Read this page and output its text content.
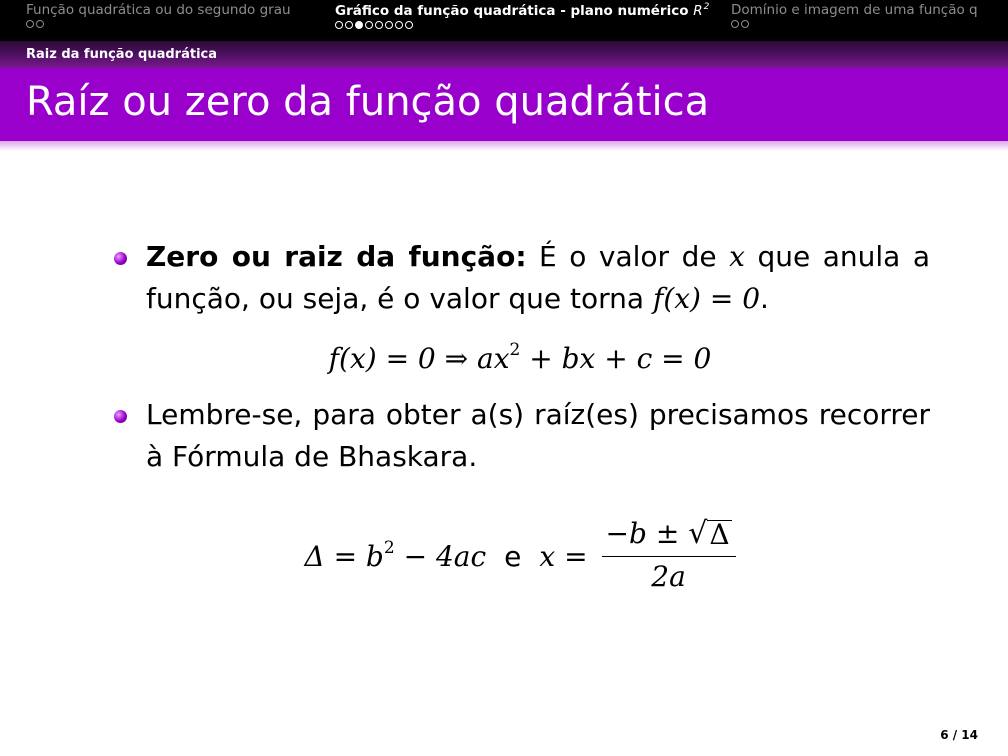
Função quadrática ou do segundo grau	Gráfico da função quadrática - plano numérico $R^2$ Domínio e imagem de uma função q
Raiz da função quadrática
Raíz ou zero da função quadrática
Zero ou raiz da função: É o valor de x que anula a função, ou seja, é o valor que torna f(x) = 0.
f(x) = 0 ⇒ $ax^2$ + bx + c = 0
Lembre-se, para obter a(s) raíz(es) precisamos recorrer à Fórmula de Bhaskara.
$\Delta = b^2 - 4ac$ e $x = \frac{-b \pm √ \Delta}{2a}$
6 / 14
